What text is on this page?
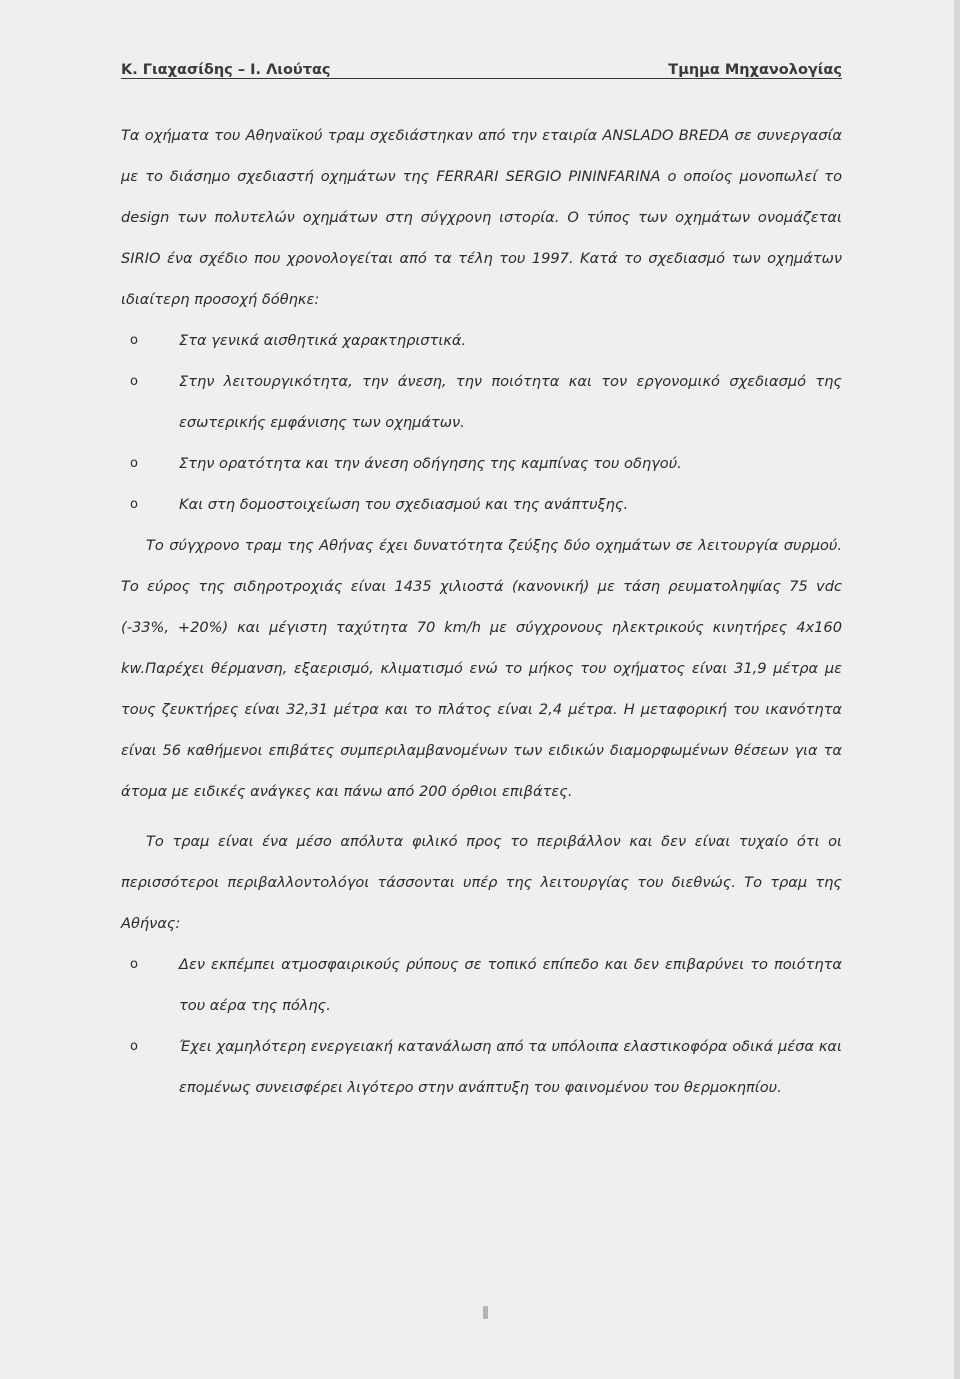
Κ. Γιαχασίδης – Ι. Λιούτας	Τμημα Μηχανολογίας

Τα οχήματα του Αθηναϊκού τραμ σχεδιάστηκαν από την εταιρία ANSLADO BREDA σε συνεργασία με το διάσημο σχεδιαστή οχημάτων της FERRARI SERGIO PININFARINA ο οποίος μονοπωλεί το design των πολυτελών οχημάτων στη σύγχρονη ιστορία. Ο τύπος των οχημάτων ονομάζεται SIRIO ένα σχέδιο που χρονολογείται από τα τέλη του 1997. Κατά το σχεδιασμό των οχημάτων ιδιαίτερη προσοχή δόθηκε:

o	Στα γενικά αισθητικά χαρακτηριστικά.

o	Στην λειτουργικότητα, την άνεση, την ποιότητα και τον εργονομικό σχεδιασμό της εσωτερικής εμφάνισης των οχημάτων.

o	Στην ορατότητα και την άνεση οδήγησης της καμπίνας του οδηγού.

o	Και στη δομοστοιχείωση του σχεδιασμού και της ανάπτυξης.

Το σύγχρονο τραμ της Αθήνας έχει δυνατότητα ζεύξης δύο οχημάτων σε λειτουργία συρμού. Το εύρος της σιδηροτροχιάς είναι 1435 χιλιοστά (κανονική) με τάση ρευματοληψίας 75 vdc (-33%, +20%) και μέγιστη ταχύτητα 70 km/h με σύγχρονους ηλεκτρικούς κινητήρες 4x160 kw.Παρέχει θέρμανση, εξαερισμό, κλιματισμό ενώ το μήκος του οχήματος είναι 31,9 μέτρα με τους ζευκτήρες είναι 32,31 μέτρα και το πλάτος είναι 2,4 μέτρα. Η μεταφορική του ικανότητα είναι 56 καθήμενοι επιβάτες συμπεριλαμβανομένων των ειδικών διαμορφωμένων θέσεων για τα άτομα με ειδικές ανάγκες και πάνω από 200 όρθιοι επιβάτες.

Το τραμ είναι ένα μέσο απόλυτα φιλικό προς το περιβάλλον και δεν είναι τυχαίο ότι οι περισσότεροι περιβαλλοντολόγοι τάσσονται υπέρ της λειτουργίας του διεθνώς. Το τραμ της Αθήνας:

o	Δεν εκπέμπει ατμοσφαιρικούς ρύπους σε τοπικό επίπεδο και δεν επιβαρύνει το ποιότητα του αέρα της πόλης.

o	Έχει χαμηλότερη ενεργειακή κατανάλωση από τα υπόλοιπα ελαστικοφόρα οδικά μέσα και επομένως συνεισφέρει λιγότερο στην ανάπτυξη του φαινομένου του θερμοκηπίου.
